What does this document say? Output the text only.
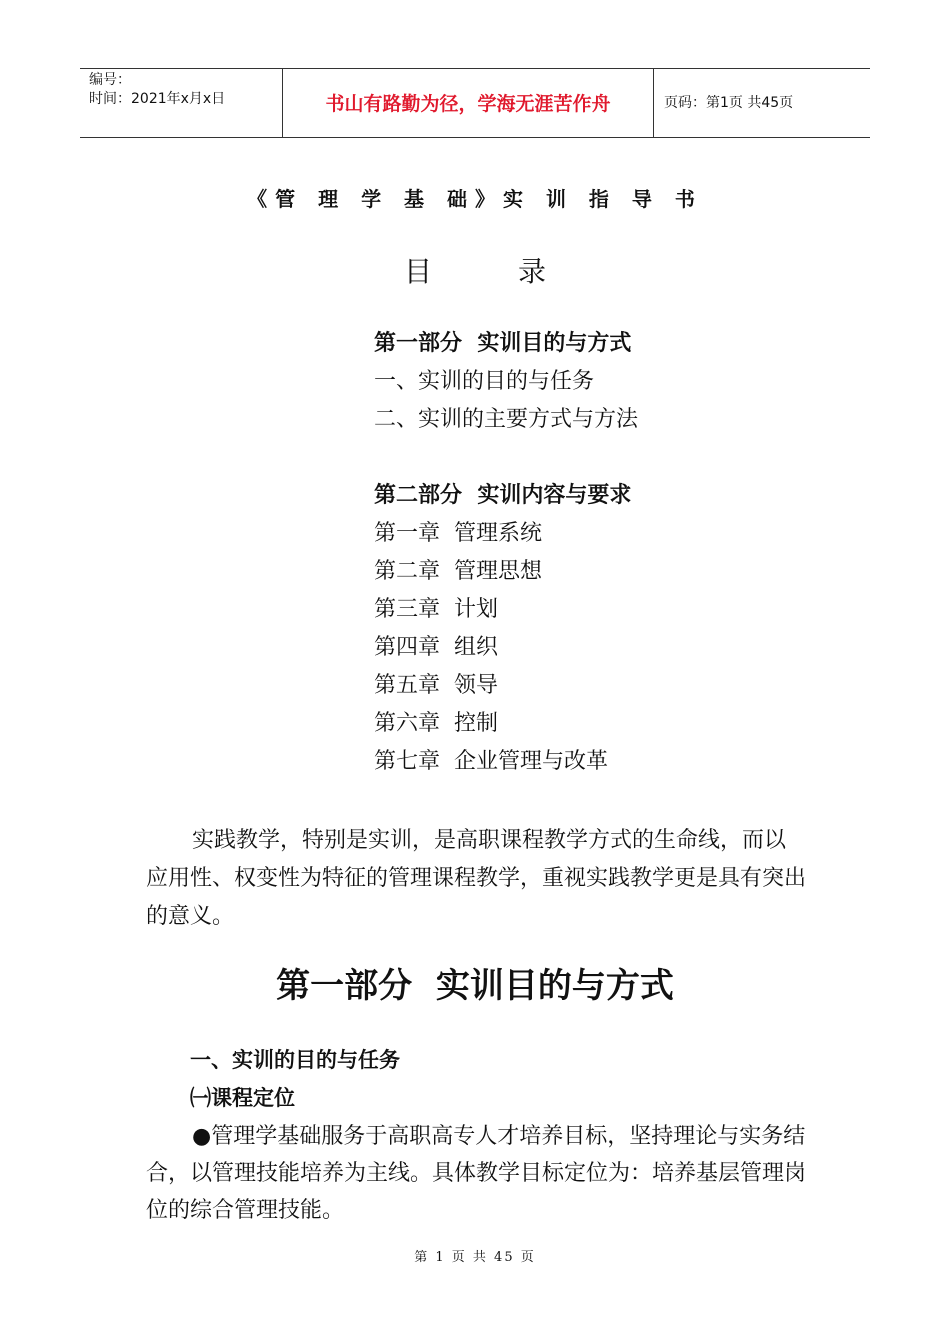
编号：
时间：2021年x月x日	书山有路勤为径，学海无涯苦作舟	页码：第1页 共45页
《管 理 学 基 础》实 训 指 导 书
目	录
第一部分  实训目的与方式
一、实训的目的与任务
二、实训的主要方式与方法
第二部分  实训内容与要求
第一章  管理系统
第二章  管理思想
第三章  计划
第四章  组织
第五章  领导
第六章  控制
第七章  企业管理与改革

实践教学，特别是实训，是高职课程教学方式的生命线，而以应用性、权变性为特征的管理课程教学，重视实践教学更是具有突出的意义。

第一部分  实训目的与方式
一、实训的目的与任务
㈠课程定位

●管理学基础服务于高职高专人才培养目标，坚持理论与实务结合，以管理技能培养为主线。具体教学目标定位为：培养基层管理岗位的综合管理技能。

第 1 页 共 45 页
